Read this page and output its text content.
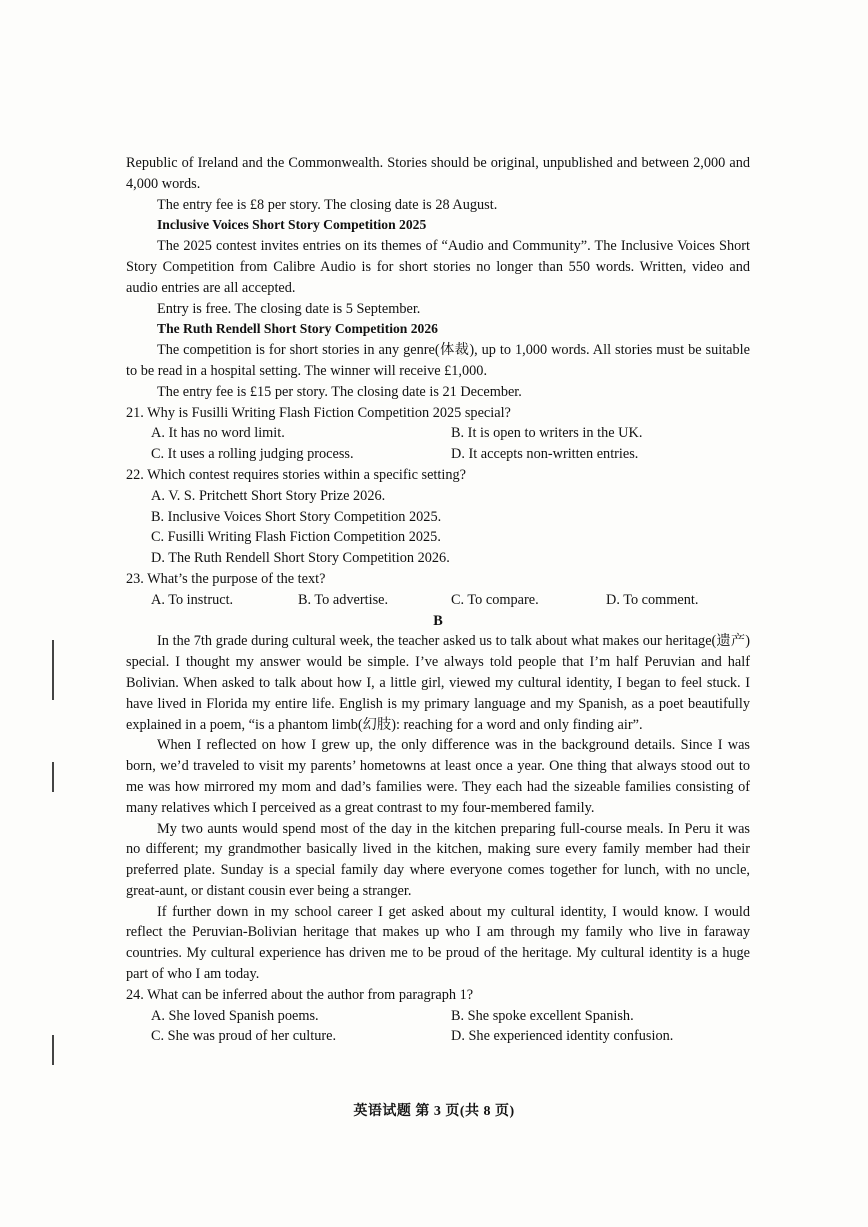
Republic of Ireland and the Commonwealth. Stories should be original, unpublished and between 2,000 and 4,000 words.

The entry fee is £8 per story. The closing date is 28 August.

Inclusive Voices Short Story Competition 2025

The 2025 contest invites entries on its themes of “Audio and Community”. The Inclusive Voices Short Story Competition from Calibre Audio is for short stories no longer than 550 words. Written, video and audio entries are all accepted.

Entry is free. The closing date is 5 September.

The Ruth Rendell Short Story Competition 2026

The competition is for short stories in any genre(体裁), up to 1,000 words. All stories must be suitable to be read in a hospital setting. The winner will receive £1,000.

The entry fee is £15 per story. The closing date is 21 December.

21. Why is Fusilli Writing Flash Fiction Competition 2025 special?

A. It has no word limit.	B. It is open to writers in the UK.
C. It uses a rolling judging process.	D. It accepts non-written entries.

22. Which contest requires stories within a specific setting?

A. V. S. Pritchett Short Story Prize 2026.
B. Inclusive Voices Short Story Competition 2025.
C. Fusilli Writing Flash Fiction Competition 2025.
D. The Ruth Rendell Short Story Competition 2026.

23. What’s the purpose of the text?

A. To instruct.	B. To advertise.	C. To compare.	D. To comment.

B

In the 7th grade during cultural week, the teacher asked us to talk about what makes our heritage(遗产) special. I thought my answer would be simple. I’ve always told people that I’m half Peruvian and half Bolivian. When asked to talk about how I, a little girl, viewed my cultural identity, I began to feel stuck. I have lived in Florida my entire life. English is my primary language and my Spanish, as a poet beautifully explained in a poem, “is a phantom limb(幻肢): reaching for a word and only finding air”.

When I reflected on how I grew up, the only difference was in the background details. Since I was born, we’d traveled to visit my parents’ hometowns at least once a year. One thing that always stood out to me was how mirrored my mom and dad’s families were. They each had the sizeable families consisting of many relatives which I perceived as a great contrast to my four-membered family.

My two aunts would spend most of the day in the kitchen preparing full-course meals. In Peru it was no different; my grandmother basically lived in the kitchen, making sure every family member had their preferred plate. Sunday is a special family day where everyone comes together for lunch, with no uncle, great-aunt, or distant cousin ever being a stranger.

If further down in my school career I get asked about my cultural identity, I would know. I would reflect the Peruvian-Bolivian heritage that makes up who I am through my family who live in faraway countries. My cultural experience has driven me to be proud of the heritage. My cultural identity is a huge part of who I am today.

24. What can be inferred about the author from paragraph 1?

A. She loved Spanish poems.	B. She spoke excellent Spanish.
C. She was proud of her culture.	D. She experienced identity confusion.
英语试题 第 3 页(共 8 页)
